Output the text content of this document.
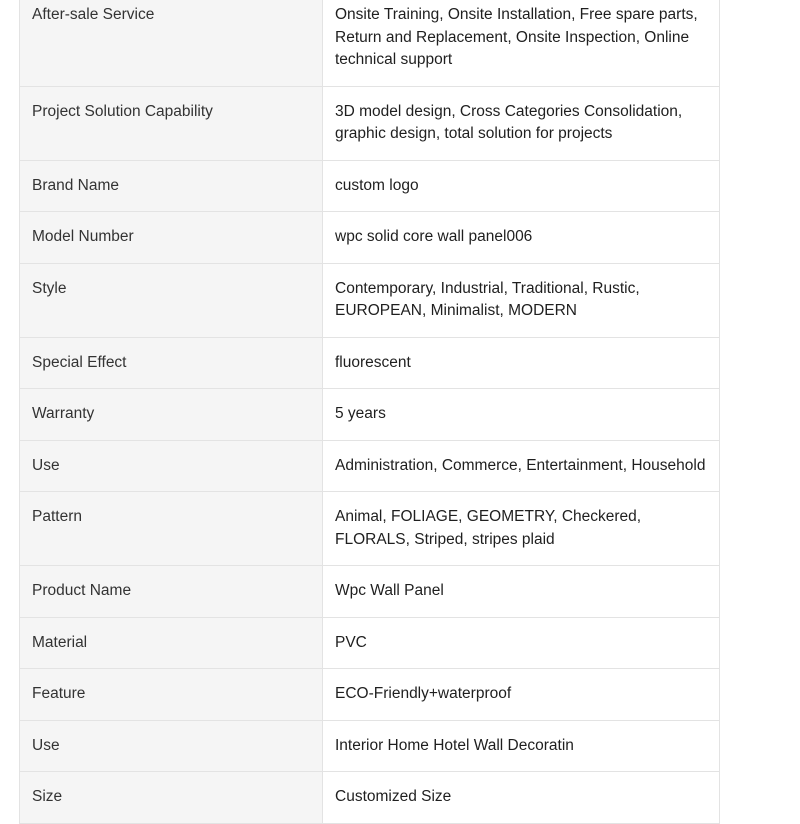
After-sale Service	Onsite Training, Onsite Installation, Free spare parts, Return and Replacement, Onsite Inspection, Online technical support
Project Solution Capability	3D model design, Cross Categories Consolidation, graphic design, total solution for projects
Brand Name	custom logo
Model Number	wpc solid core wall panel006
Style	Contemporary, Industrial, Traditional, Rustic, EUROPEAN, Minimalist, MODERN
Special Effect	fluorescent
Warranty	5 years
Use	Administration, Commerce, Entertainment, Household
Pattern	Animal, FOLIAGE, GEOMETRY, Checkered, FLORALS, Striped, stripes plaid
Product Name	Wpc Wall Panel
Material	PVC
Feature	ECO-Friendly+waterproof
Use	Interior Home Hotel Wall Decoratin
Size	Customized Size
